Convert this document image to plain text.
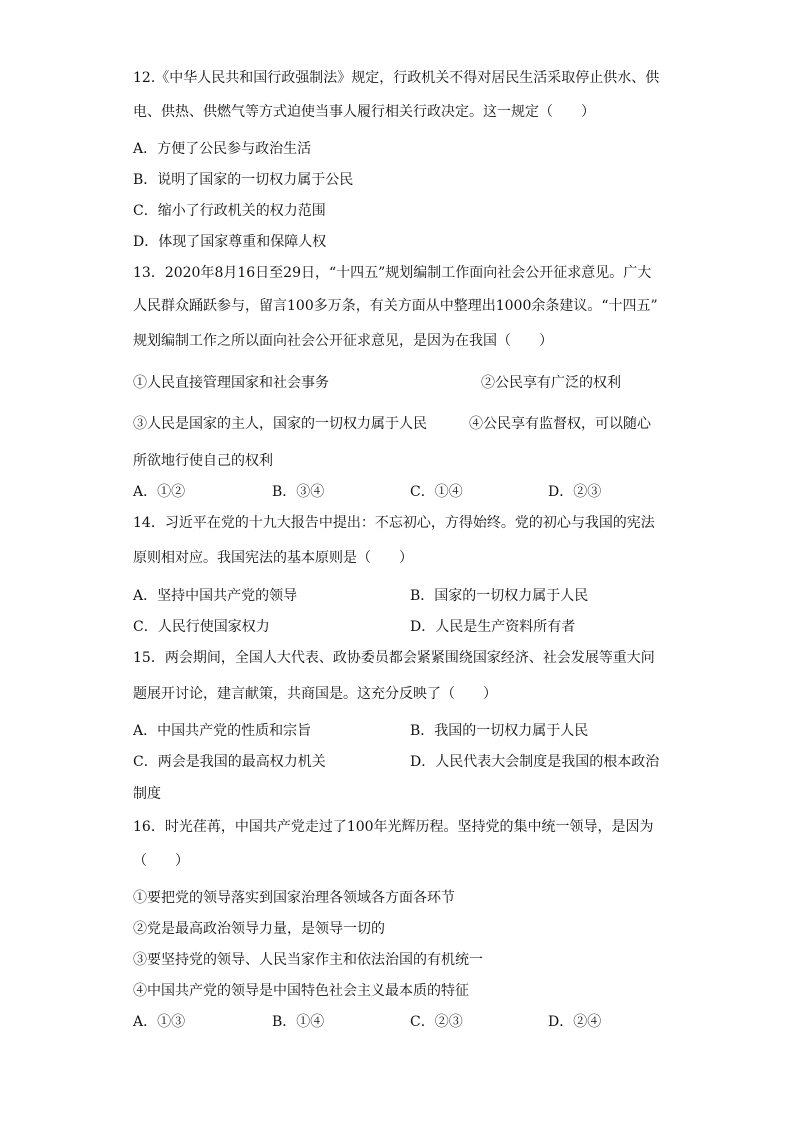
12.《中华人民共和国行政强制法》规定，行政机关不得对居民生活采取停止供水、供
电、供热、供燃气等方式迫使当事人履行相关行政决定。这一规定（　　）
A．方便了公民参与政治生活
B．说明了国家的一切权力属于公民
C．缩小了行政机关的权力范围
D．体现了国家尊重和保障人权
13．2020年8月16日至29日，“十四五”规划编制工作面向社会公开征求意见。广大
人民群众踊跃参与，留言100多万条，有关方面从中整理出1000余条建议。“十四五”
规划编制工作之所以面向社会公开征求意见，是因为在我国（　　）
①人民直接管理国家和社会事务	②公民享有广泛的权利
③人民是国家的主人，国家的一切权力属于人民	④公民享有监督权，可以随心
所欲地行使自己的权利
A．①②	B．③④	C．①④	D．②③
14．习近平在党的十九大报告中提出：不忘初心，方得始终。党的初心与我国的宪法
原则相对应。我国宪法的基本原则是（　　）
A．坚持中国共产党的领导	B．国家的一切权力属于人民
C．人民行使国家权力	D．人民是生产资料所有者
15．两会期间，全国人大代表、政协委员都会紧紧围绕国家经济、社会发展等重大问
题展开讨论，建言献策，共商国是。这充分反映了（　　）
A．中国共产党的性质和宗旨	B．我国的一切权力属于人民
C．两会是我国的最高权力机关	D．人民代表大会制度是我国的根本政治
制度
16．时光荏苒，中国共产党走过了100年光辉历程。坚持党的集中统一领导，是因为
（　　）
①要把党的领导落实到国家治理各领域各方面各环节
②党是最高政治领导力量，是领导一切的
③要坚持党的领导、人民当家作主和依法治国的有机统一
④中国共产党的领导是中国特色社会主义最本质的特征
A．①③	B．①④	C．②③	D．②④
